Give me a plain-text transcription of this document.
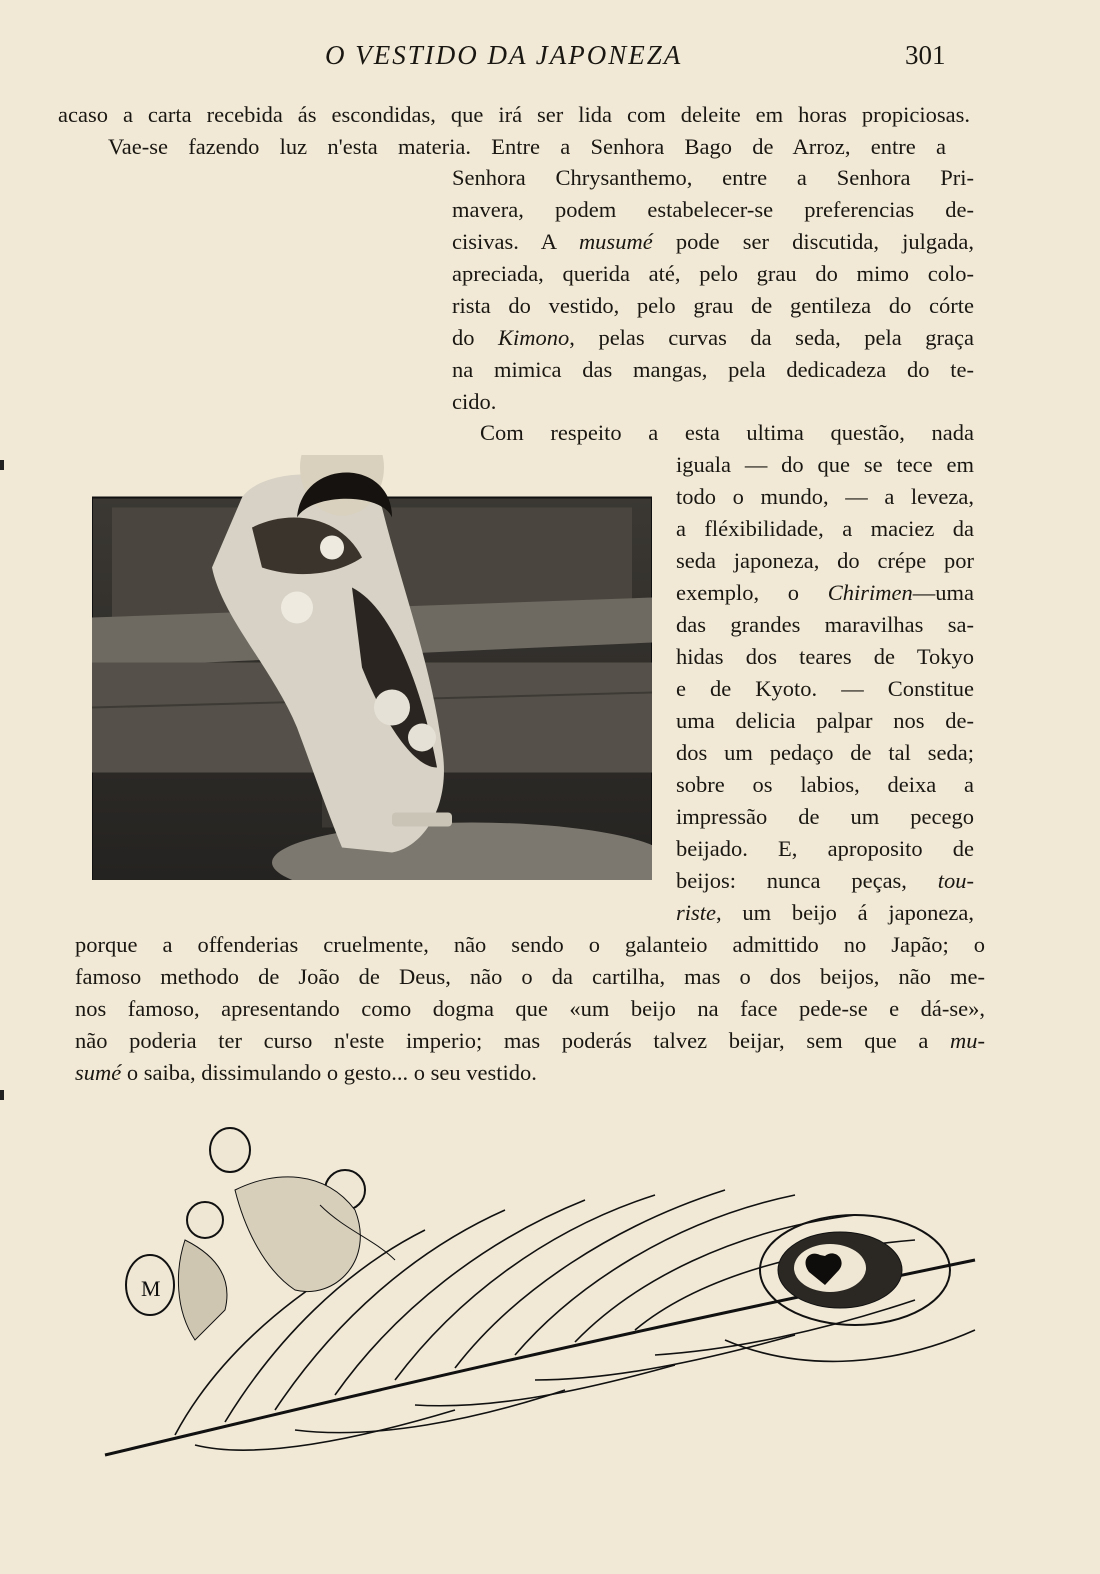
O VESTIDO DA JAPONEZA	301
acaso a carta recebida ás escondidas, que irá ser lida com deleite em horas propiciosas.
Vae-se fazendo luz n'esta materia. Entre a Senhora Bago de Arroz, entre a
Senhora Chrysanthemo, entre a Senhora Pri-
mavera, podem estabelecer-se preferencias de-
cisivas. A musumé pode ser discutida, julgada,
apreciada, querida até, pelo grau do mimo colo-
rista do vestido, pelo grau de gentileza do córte
do Kimono, pelas curvas da seda, pela graça
na mimica das mangas, pela dedicadeza do te-
cido.
Com respeito a esta ultima questão, nada
iguala — do que se tece em
todo o mundo, — a leveza,
a fléxibilidade, a maciez da
seda japoneza, do crépe por
exemplo, o Chirimen—uma
das grandes maravilhas sa-
hidas dos teares de Tokyo
e de Kyoto. — Constitue
uma delicia palpar nos de-
dos um pedaço de tal seda;
sobre os labios, deixa a
impressão de um pecego
beijado. E, aproposito de
beijos: nunca peças, tou-
riste, um beijo á japoneza,
porque a offenderias cruelmente, não sendo o galanteio admittido no Japão; o
famoso methodo de João de Deus, não o da cartilha, mas o dos beijos, não me-
nos famoso, apresentando como dogma que «um beijo na face pede-se e dá-se»,
não poderia ter curso n'este imperio; mas poderás talvez beijar, sem que a mu-
sumé o saiba, dissimulando o gesto... o seu vestido.
M
